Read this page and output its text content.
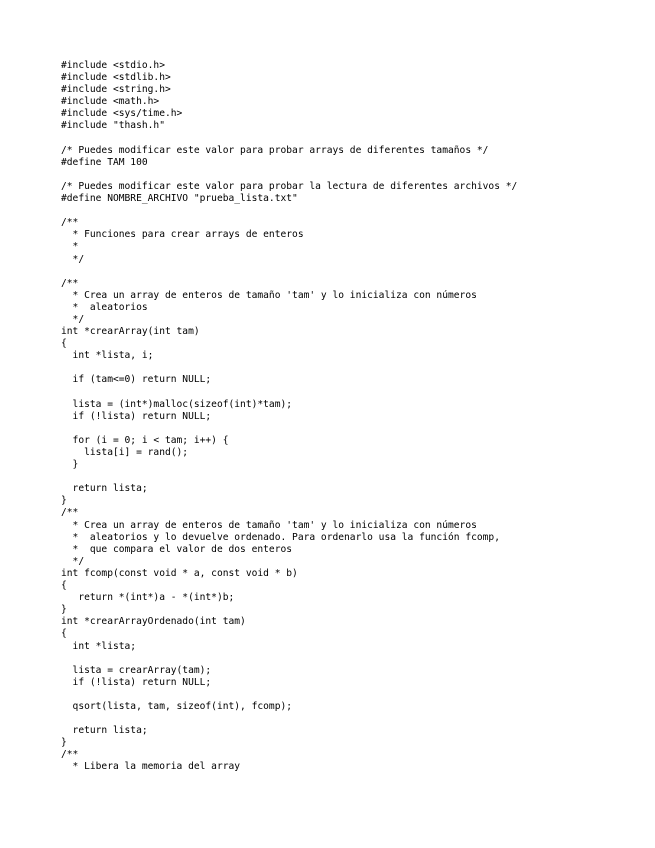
#include <stdio.h>
#include <stdlib.h>
#include <string.h>
#include <math.h>
#include <sys/time.h>
#include "thash.h"
/* Puedes modificar este valor para probar arrays de diferentes tamaños */
#define TAM 100
/* Puedes modificar este valor para probar la lectura de diferentes archivos */
#define NOMBRE_ARCHIVO "prueba_lista.txt"
/**
* Funciones para crear arrays de enteros
*
*/
/**
* Crea un array de enteros de tamaño 'tam' y lo inicializa con números
*  aleatorios
*/
int *crearArray(int tam)
{
int *lista, i;
if (tam<=0) return NULL;
lista = (int*)malloc(sizeof(int)*tam);
if (!lista) return NULL;
for (i = 0; i < tam; i++) {
lista[i] = rand();
}
return lista;
}
/**
* Crea un array de enteros de tamaño 'tam' y lo inicializa con números
*  aleatorios y lo devuelve ordenado. Para ordenarlo usa la función fcomp,
*  que compara el valor de dos enteros
*/
int fcomp(const void * a, const void * b)
{
return *(int*)a - *(int*)b;
}
int *crearArrayOrdenado(int tam)
{
int *lista;
lista = crearArray(tam);
if (!lista) return NULL;
qsort(lista, tam, sizeof(int), fcomp);
return lista;
}
/**
* Libera la memoria del array
